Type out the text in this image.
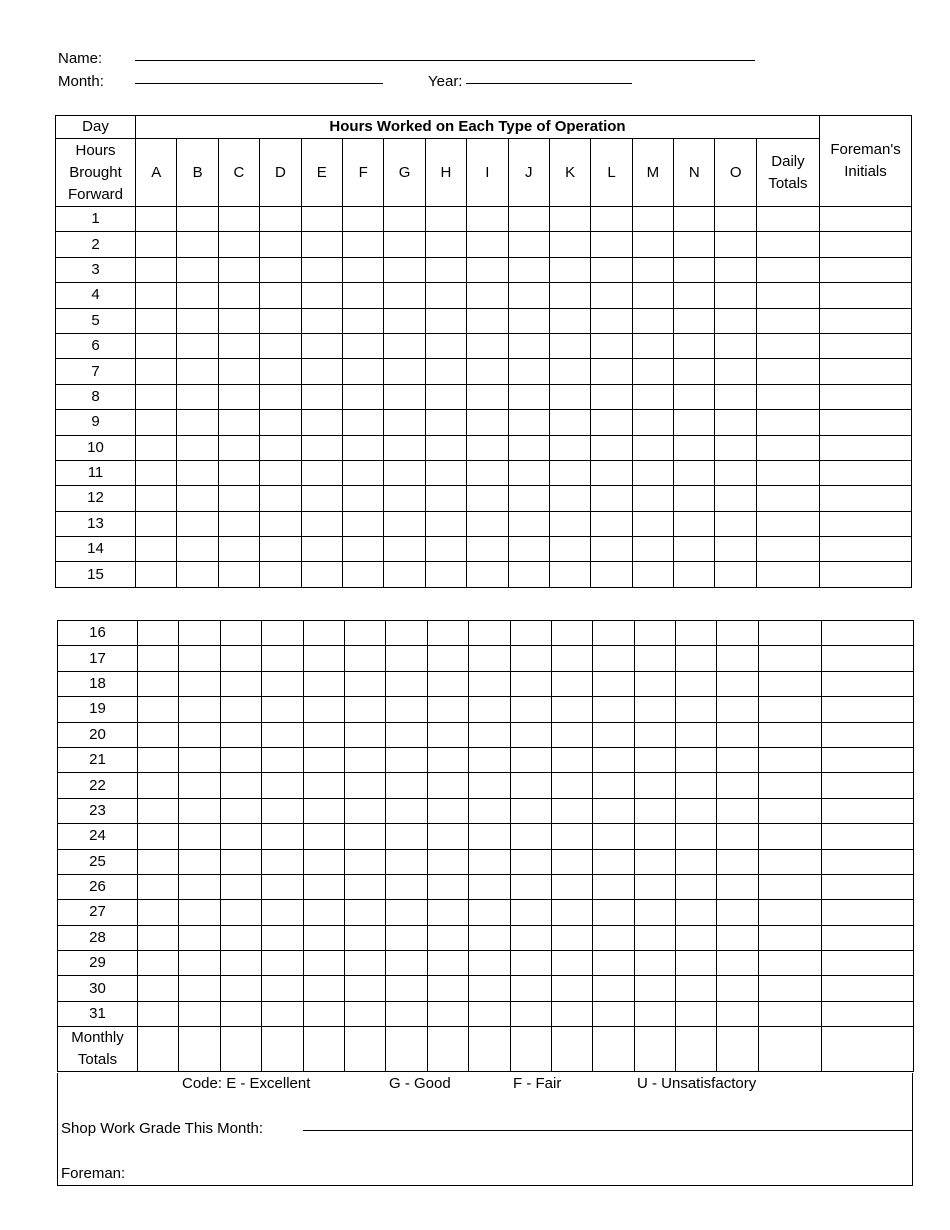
Name:
Month:	Year:
Day	Hours Worked on Each Type of Operation																Foreman's Initials
Hours Brought Forward	A	B	C	D	E	F	G	H	I	J	K	L	M	N	O	Daily Totals	
1																	
2																	
3																	
4																	
5																	
6																	
7																	
8																	
9																	
10																	
11																	
12																	
13																	
14																	
15																	
16																	
17																	
18																	
19																	
20																	
21																	
22																	
23																	
24																	
25																	
26																	
27																	
28																	
29																	
30																	
31																	
Monthly Totals																	
Code: E - Excellent	G - Good	F - Fair	U - Unsatisfactory
Shop Work Grade This Month:
Foreman:
